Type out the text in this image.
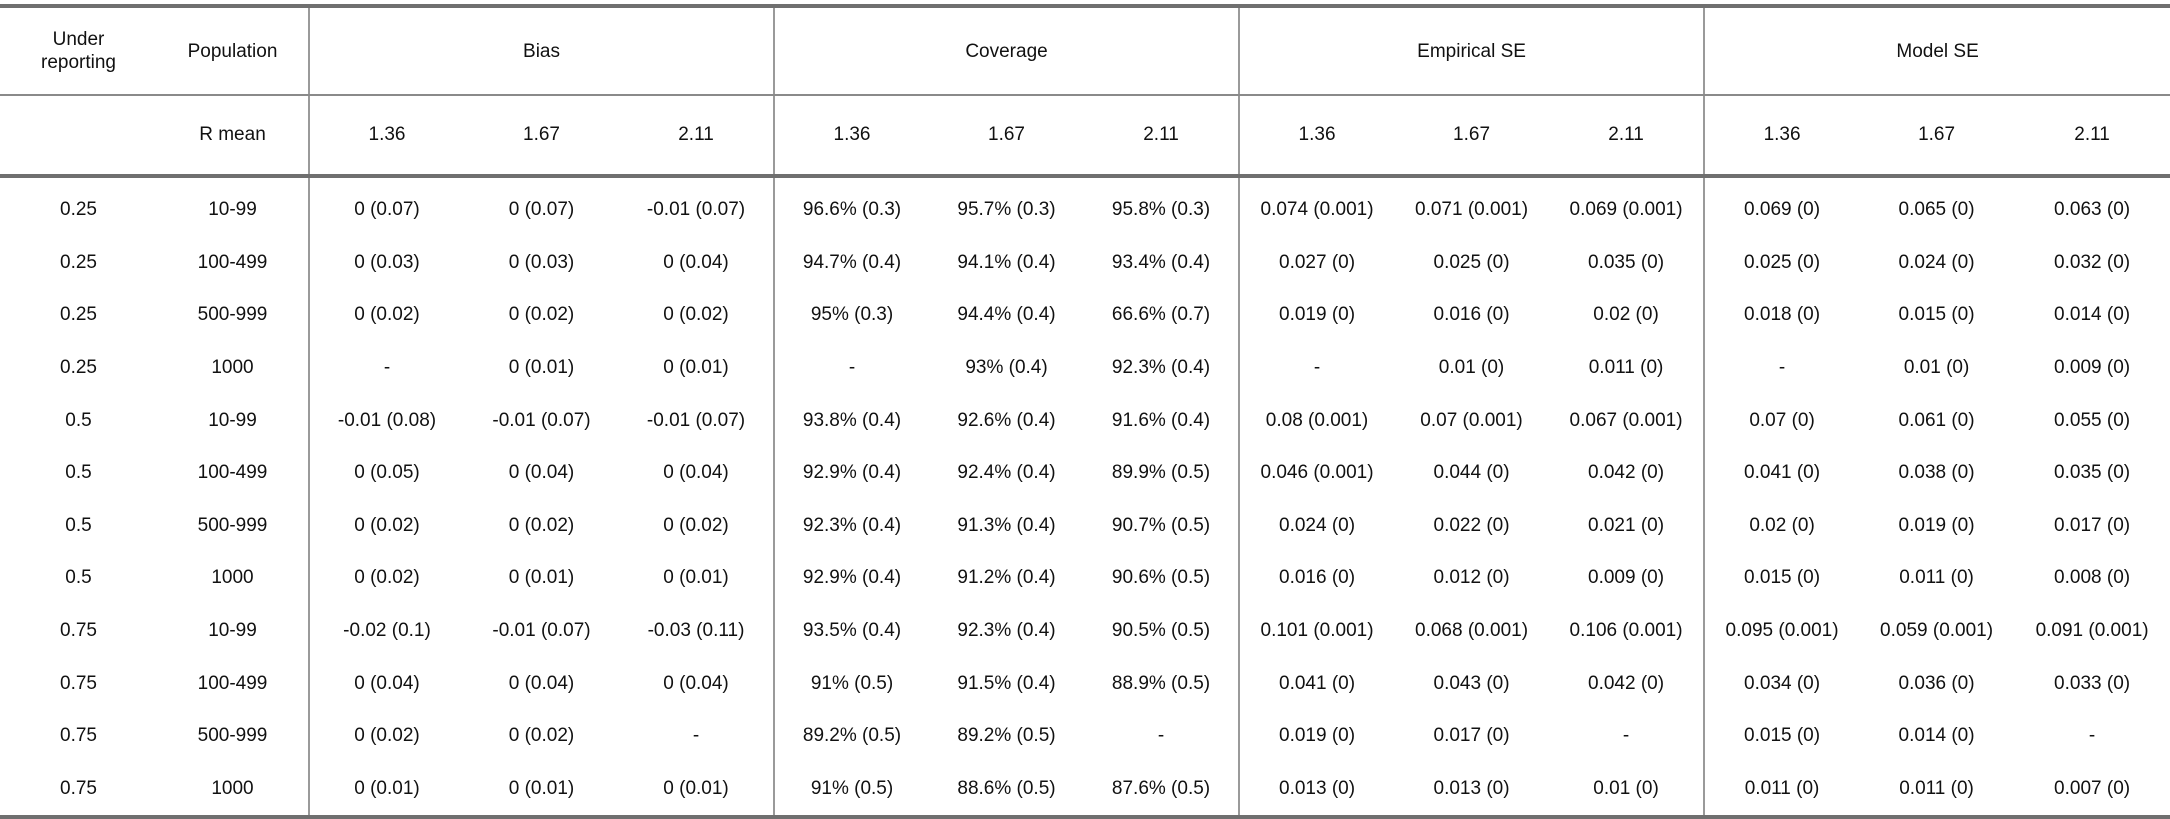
Under reporting	Population	Bias			Coverage			Empirical SE			Model SE		
	R mean	1.36	1.67	2.11	1.36	1.67	2.11	1.36	1.67	2.11	1.36	1.67	2.11
0.25	10-99	0 (0.07)	0 (0.07)	-0.01 (0.07)	96.6% (0.3)	95.7% (0.3)	95.8% (0.3)	0.074 (0.001)	0.071 (0.001)	0.069 (0.001)	0.069 (0)	0.065 (0)	0.063 (0)
0.25	100-499	0 (0.03)	0 (0.03)	0 (0.04)	94.7% (0.4)	94.1% (0.4)	93.4% (0.4)	0.027 (0)	0.025 (0)	0.035 (0)	0.025 (0)	0.024 (0)	0.032 (0)
0.25	500-999	0 (0.02)	0 (0.02)	0 (0.02)	95% (0.3)	94.4% (0.4)	66.6% (0.7)	0.019 (0)	0.016 (0)	0.02 (0)	0.018 (0)	0.015 (0)	0.014 (0)
0.25	1000	-	0 (0.01)	0 (0.01)	-	93% (0.4)	92.3% (0.4)	-	0.01 (0)	0.011 (0)	-	0.01 (0)	0.009 (0)
0.5	10-99	-0.01 (0.08)	-0.01 (0.07)	-0.01 (0.07)	93.8% (0.4)	92.6% (0.4)	91.6% (0.4)	0.08 (0.001)	0.07 (0.001)	0.067 (0.001)	0.07 (0)	0.061 (0)	0.055 (0)
0.5	100-499	0 (0.05)	0 (0.04)	0 (0.04)	92.9% (0.4)	92.4% (0.4)	89.9% (0.5)	0.046 (0.001)	0.044 (0)	0.042 (0)	0.041 (0)	0.038 (0)	0.035 (0)
0.5	500-999	0 (0.02)	0 (0.02)	0 (0.02)	92.3% (0.4)	91.3% (0.4)	90.7% (0.5)	0.024 (0)	0.022 (0)	0.021 (0)	0.02 (0)	0.019 (0)	0.017 (0)
0.5	1000	0 (0.02)	0 (0.01)	0 (0.01)	92.9% (0.4)	91.2% (0.4)	90.6% (0.5)	0.016 (0)	0.012 (0)	0.009 (0)	0.015 (0)	0.011 (0)	0.008 (0)
0.75	10-99	-0.02 (0.1)	-0.01 (0.07)	-0.03 (0.11)	93.5% (0.4)	92.3% (0.4)	90.5% (0.5)	0.101 (0.001)	0.068 (0.001)	0.106 (0.001)	0.095 (0.001)	0.059 (0.001)	0.091 (0.001)
0.75	100-499	0 (0.04)	0 (0.04)	0 (0.04)	91% (0.5)	91.5% (0.4)	88.9% (0.5)	0.041 (0)	0.043 (0)	0.042 (0)	0.034 (0)	0.036 (0)	0.033 (0)
0.75	500-999	0 (0.02)	0 (0.02)	-	89.2% (0.5)	89.2% (0.5)	-	0.019 (0)	0.017 (0)	-	0.015 (0)	0.014 (0)	-
0.75	1000	0 (0.01)	0 (0.01)	0 (0.01)	91% (0.5)	88.6% (0.5)	87.6% (0.5)	0.013 (0)	0.013 (0)	0.01 (0)	0.011 (0)	0.011 (0)	0.007 (0)
